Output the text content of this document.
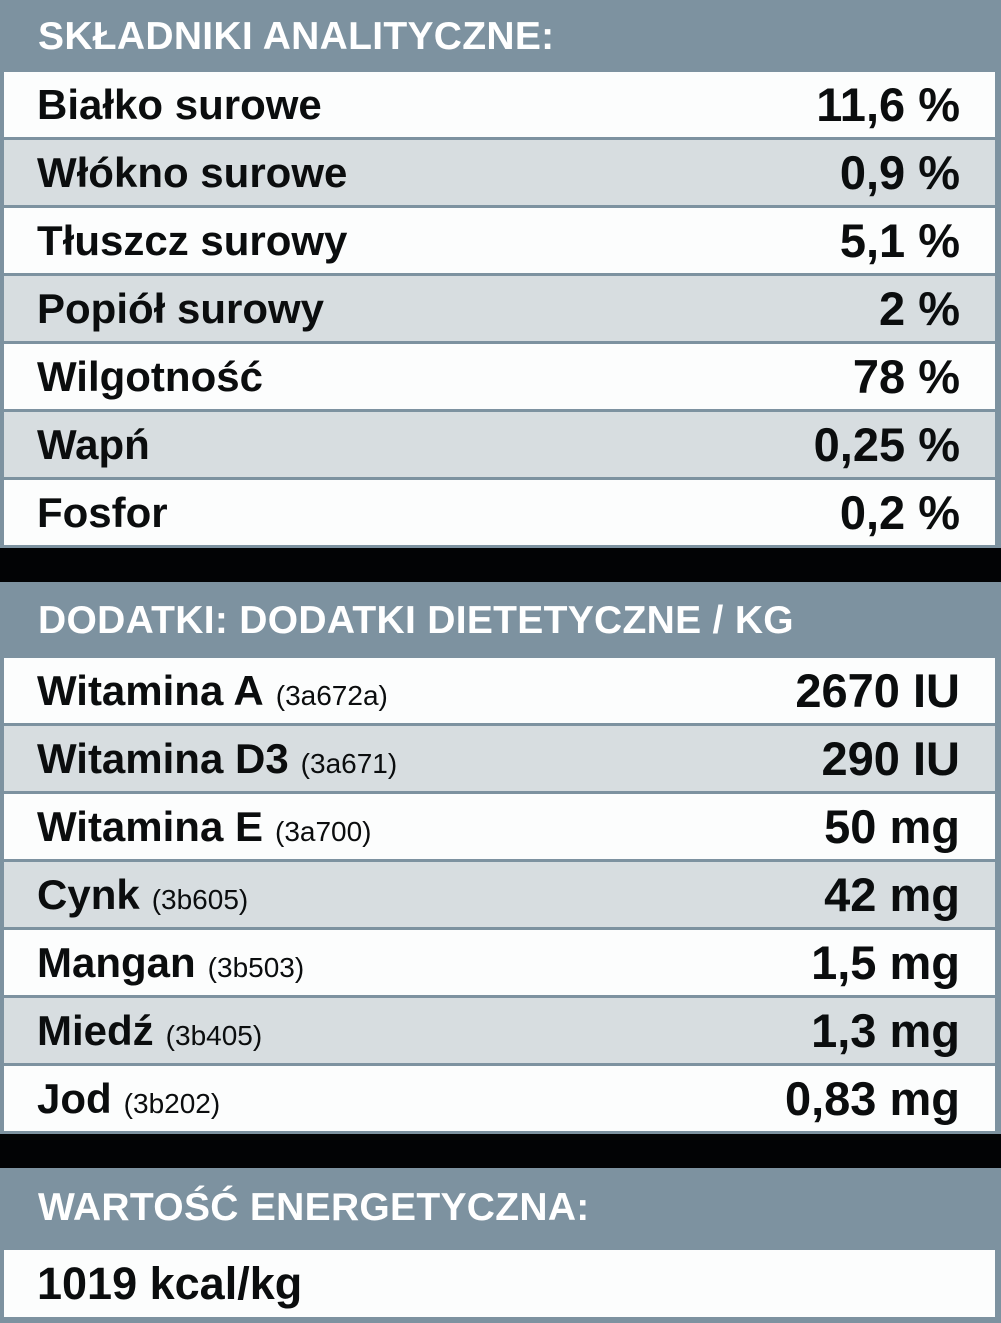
SKŁADNIKI ANALITYCZNE:
Białko surowe	11,6 %
Włókno surowe	0,9 %
Tłuszcz surowy	5,1 %
Popiół surowy	2 %
Wilgotność	78 %
Wapń	0,25 %
Fosfor	0,2 %
DODATKI: DODATKI DIETETYCZNE / KG
Witamina A (3a672a)	2670 IU
Witamina D3 (3a671)	290 IU
Witamina E (3a700)	50 mg
Cynk (3b605)	42 mg
Mangan (3b503)	1,5 mg
Miedź (3b405)	1,3 mg
Jod (3b202)	0,83 mg
WARTOŚĆ ENERGETYCZNA:
1019 kcal/kg
